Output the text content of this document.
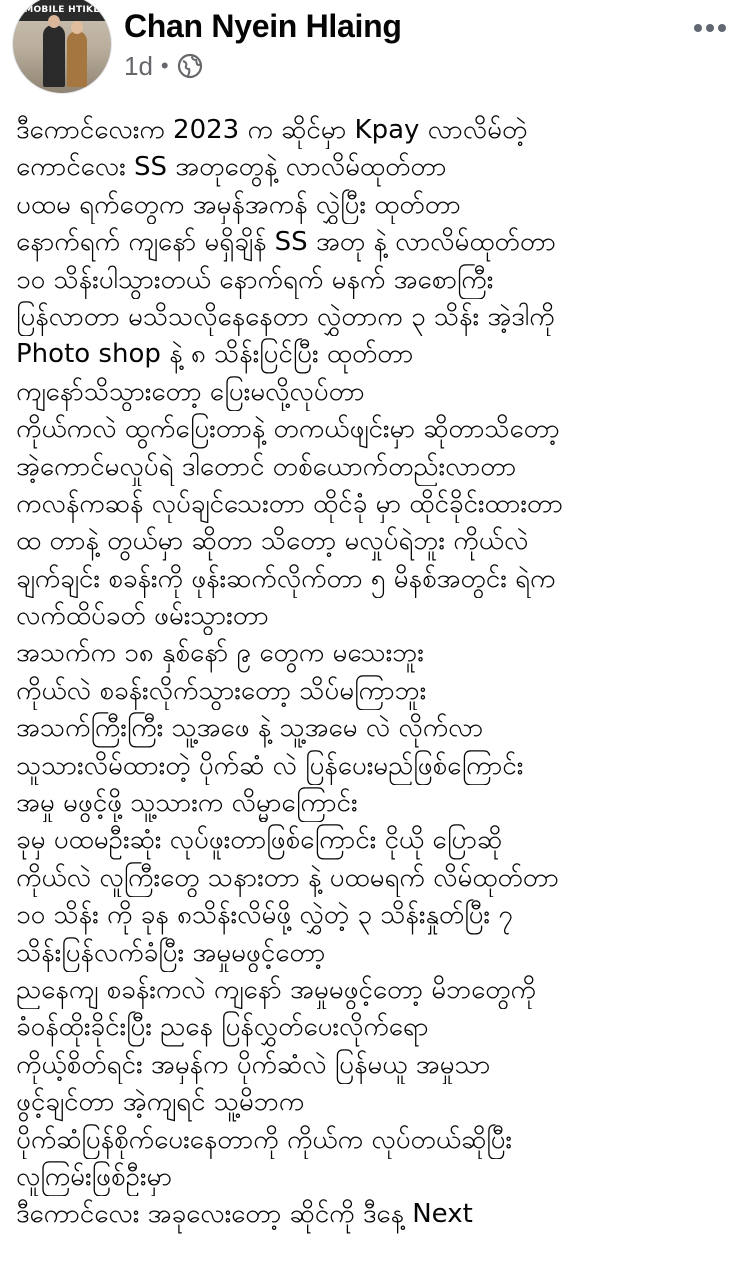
MOBILE HTIKE Chan Nyein Hlaing
1d •
ဒီကောင်လေးက 2023 က ဆိုင်မှာ Kpay လာလိမ်တဲ့
ကောင်လေး SS အတုတွေနဲ့ လာလိမ်ထုတ်တာ
ပထမ ရက်တွေက အမှန်အကန် လွှဲပြီး ထုတ်တာ
နောက်ရက် ကျနော် မရှိချိန် SS အတု နဲ့ လာလိမ်ထုတ်တာ
၁၀ သိန်းပါသွားတယ် နောက်ရက် မနက် အစောကြီး
ပြန်လာတာ မသိသလိုနေနေတာ လွှဲတာက ၃ သိန်း အဲ့ဒါကို
Photo shop နဲ့ ၈ သိန်းပြင်ပြီး ထုတ်တာ
ကျနော်သိသွားတော့ ပြေးမလို့လုပ်တာ
ကိုယ်ကလဲ ထွက်ပြေးတာနဲ့ တကယ်ဖျင်းမှာ ဆိုတာသိတော့
အဲ့ကောင်မလှုပ်ရဲ ဒါတောင် တစ်ယောက်တည်းလာတာ
ကလန်ကဆန် လုပ်ချင်သေးတာ ထိုင်ခုံ မှာ ထိုင်ခိုင်းထားတာ
ထ တာနဲ့ တွယ်မှာ ဆိုတာ သိတော့ မလှုပ်ရဲဘူး ကိုယ်လဲ
ချက်ချင်း စခန်းကို ဖုန်းဆက်လိုက်တာ ၅ မိနစ်အတွင်း ရဲက
လက်ထိပ်ခတ် ဖမ်းသွားတာ
အသက်က ၁၈ နှစ်နော် ၉ တွေက မသေးဘူး
ကိုယ်လဲ စခန်းလိုက်သွားတော့ သိပ်မကြာဘူး
အသက်ကြီးကြီး သူ့အဖေ နဲ့ သူ့အမေ လဲ လိုက်လာ
သူသားလိမ်ထားတဲ့ ပိုက်ဆံ လဲ ပြန်ပေးမည်ဖြစ်ကြောင်း
အမှု မဖွင့်ဖို့ သူ့သားက လိမ္မာကြောင်း
ခုမှ ပထမဦးဆုံး လုပ်ဖူးတာဖြစ်ကြောင်း ငိုယို ပြောဆို
ကိုယ်လဲ လူကြီးတွေ သနားတာ နဲ့ ပထမရက် လိမ်ထုတ်တာ
၁၀ သိန်း ကို ခုန ၈သိန်းလိမ်ဖို့ လွှဲတဲ့ ၃ သိန်းနှုတ်ပြီး ၇
သိန်းပြန်လက်ခံပြီး အမှုမဖွင့်တော့
ညနေကျ စခန်းကလဲ ကျနော် အမှုမဖွင့်တော့ မိဘတွေကို
ခံဝန်ထိုးခိုင်းပြီး ညနေ ပြန်လွှတ်ပေးလိုက်ရော
ကိုယ့်စိတ်ရင်း အမှန်က ပိုက်ဆံလဲ ပြန်မယူ အမှုသာ
ဖွင့်ချင်တာ အဲ့ကျရင် သူ့မိဘက
ပိုက်ဆံပြန်စိုက်ပေးနေတာကို ကိုယ်က လုပ်တယ်ဆိုပြီး
လူကြမ်းဖြစ်ဦးမှာ
ဒီကောင်လေး အခုလေးတော့ ဆိုင်ကို ဒီနေ့ Next
